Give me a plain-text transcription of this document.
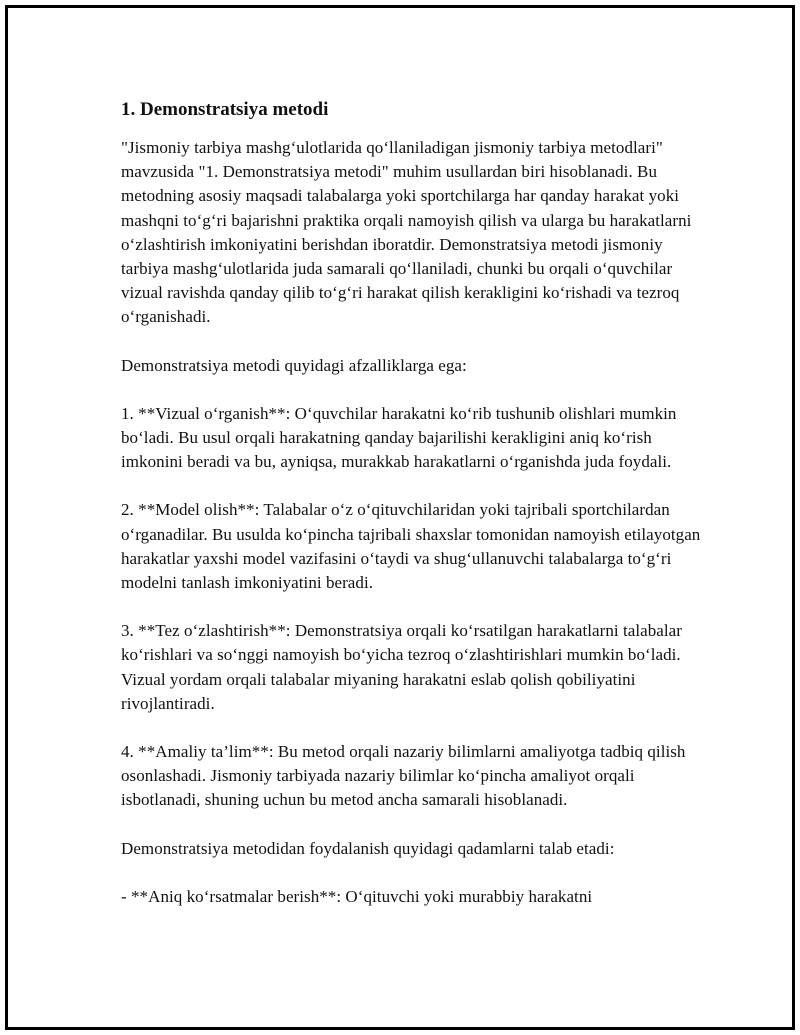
1. Demonstratsiya metodi

"Jismoniy tarbiya mashg‘ulotlarida qo‘llaniladigan jismoniy tarbiya metodlari" mavzusida "1. Demonstratsiya metodi" muhim usullardan biri hisoblanadi. Bu metodning asosiy maqsadi talabalarga yoki sportchilarga har qanday harakat yoki mashqni to‘g‘ri bajarishni praktika orqali namoyish qilish va ularga bu harakatlarni o‘zlashtirish imkoniyatini berishdan iboratdir. Demonstratsiya metodi jismoniy tarbiya mashg‘ulotlarida juda samarali qo‘llaniladi, chunki bu orqali o‘quvchilar vizual ravishda qanday qilib to‘g‘ri harakat qilish kerakligini ko‘rishadi va tezroq o‘rganishadi.

Demonstratsiya metodi quyidagi afzalliklarga ega:

1. **Vizual o‘rganish**: O‘quvchilar harakatni ko‘rib tushunib olishlari mumkin bo‘ladi. Bu usul orqali harakatning qanday bajarilishi kerakligini aniq ko‘rish imkonini beradi va bu, ayniqsa, murakkab harakatlarni o‘rganishda juda foydali.

2. **Model olish**: Talabalar o‘z o‘qituvchilaridan yoki tajribali sportchilardan o‘rganadilar. Bu usulda ko‘pincha tajribali shaxslar tomonidan namoyish etilayotgan harakatlar yaxshi model vazifasini o‘taydi va shug‘ullanuvchi talabalarga to‘g‘ri modelni tanlash imkoniyatini beradi.

3. **Tez o‘zlashtirish**: Demonstratsiya orqali ko‘rsatilgan harakatlarni talabalar ko‘rishlari va so‘nggi namoyish bo‘yicha tezroq o‘zlashtirishlari mumkin bo‘ladi. Vizual yordam orqali talabalar miyaning harakatni eslab qolish qobiliyatini rivojlantiradi.

4. **Amaliy ta’lim**: Bu metod orqali nazariy bilimlarni amaliyotga tadbiq qilish osonlashadi. Jismoniy tarbiyada nazariy bilimlar ko‘pincha amaliyot orqali isbotlanadi, shuning uchun bu metod ancha samarali hisoblanadi.

Demonstratsiya metodidan foydalanish quyidagi qadamlarni talab etadi:

- **Aniq ko‘rsatmalar berish**: O‘qituvchi yoki murabbiy harakatni
